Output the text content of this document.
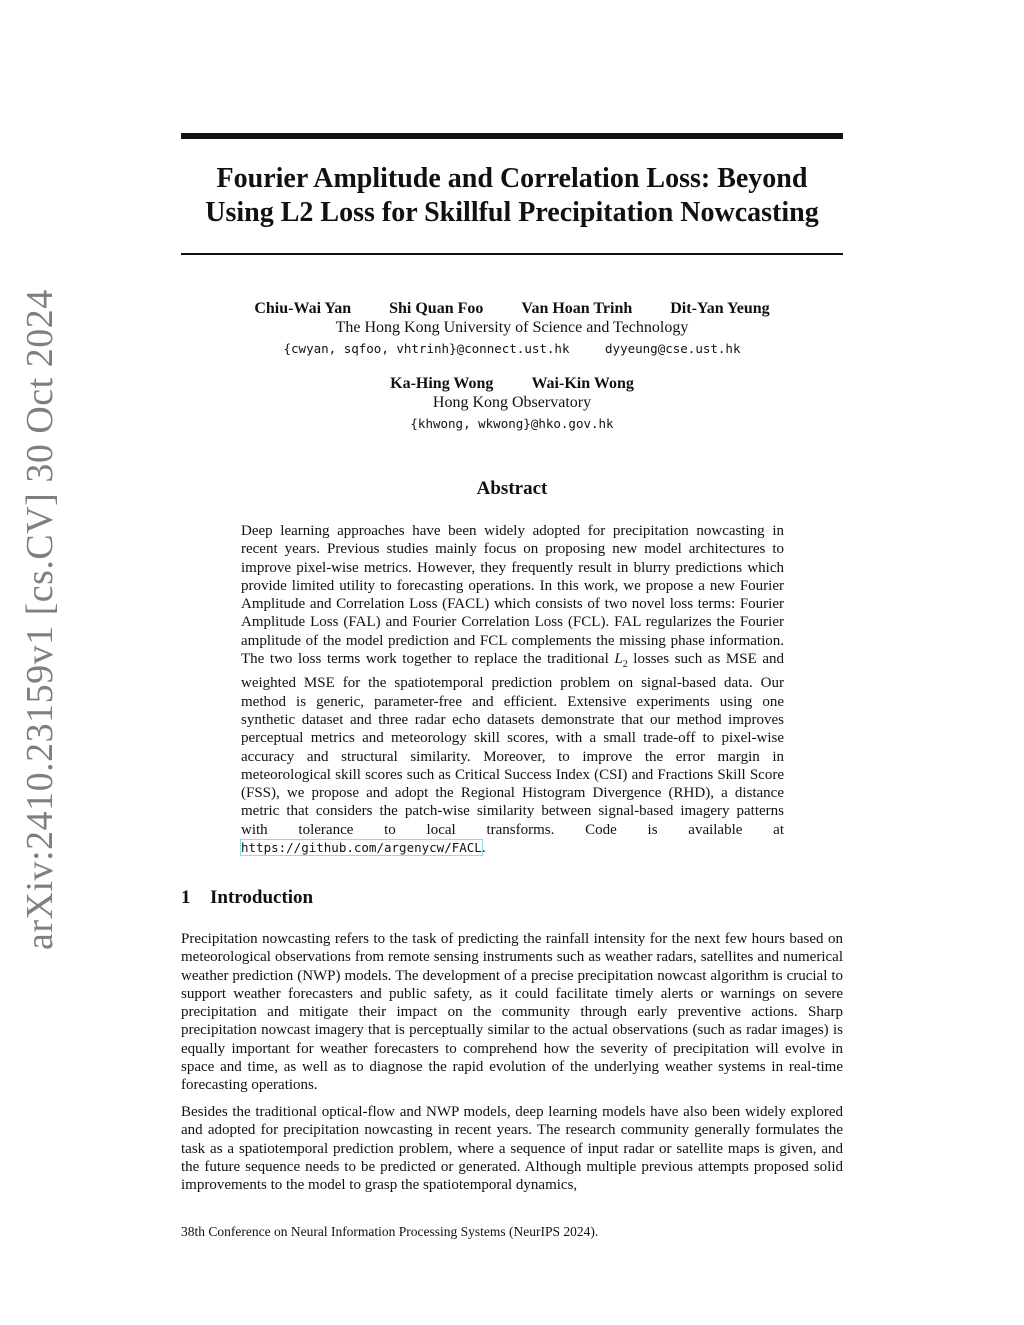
arXiv:2410.23159v1 [cs.CV] 30 Oct 2024
Fourier Amplitude and Correlation Loss: Beyond Using L2 Loss for Skillful Precipitation Nowcasting
Chiu-Wai Yan Shi Quan Foo Van Hoan Trinh Dit-Yan Yeung
The Hong Kong University of Science and Technology
{cwyan, sqfoo, vhtrinh}@connect.ust.hk	dyyeung@cse.ust.hk
Ka-Hing Wong Wai-Kin Wong
Hong Kong Observatory
{khwong, wkwong}@hko.gov.hk
Abstract
Deep learning approaches have been widely adopted for precipitation nowcasting in recent years. Previous studies mainly focus on proposing new model architectures to improve pixel-wise metrics. However, they frequently result in blurry predictions which provide limited utility to forecasting operations. In this work, we propose a new Fourier Amplitude and Correlation Loss (FACL) which consists of two novel loss terms: Fourier Amplitude Loss (FAL) and Fourier Correlation Loss (FCL). FAL regularizes the Fourier amplitude of the model prediction and FCL complements the missing phase information. The two loss terms work together to replace the traditional $L_2$ losses such as MSE and weighted MSE for the spatiotemporal prediction problem on signal-based data. Our method is generic, parameter-free and efficient. Extensive experiments using one synthetic dataset and three radar echo datasets demonstrate that our method improves perceptual metrics and meteorology skill scores, with a small trade-off to pixel-wise accuracy and structural similarity. Moreover, to improve the error margin in meteorological skill scores such as Critical Success Index (CSI) and Fractions Skill Score (FSS), we propose and adopt the Regional Histogram Divergence (RHD), a distance metric that considers the patch-wise similarity between signal-based imagery patterns with tolerance to local transforms. Code is available at https://github.com/argenycw/FACL.
1 Introduction
Precipitation nowcasting refers to the task of predicting the rainfall intensity for the next few hours based on meteorological observations from remote sensing instruments such as weather radars, satellites and numerical weather prediction (NWP) models. The development of a precise precipitation nowcast algorithm is crucial to support weather forecasters and public safety, as it could facilitate timely alerts or warnings on severe precipitation and mitigate their impact on the community through early preventive actions. Sharp precipitation nowcast imagery that is perceptually similar to the actual observations (such as radar images) is equally important for weather forecasters to comprehend how the severity of precipitation will evolve in space and time, as well as to diagnose the rapid evolution of the underlying weather systems in real-time forecasting operations.
Besides the traditional optical-flow and NWP models, deep learning models have also been widely explored and adopted for precipitation nowcasting in recent years. The research community generally formulates the task as a spatiotemporal prediction problem, where a sequence of input radar or satellite maps is given, and the future sequence needs to be predicted or generated. Although multiple previous attempts proposed solid improvements to the model to grasp the spatiotemporal dynamics,
38th Conference on Neural Information Processing Systems (NeurIPS 2024).
